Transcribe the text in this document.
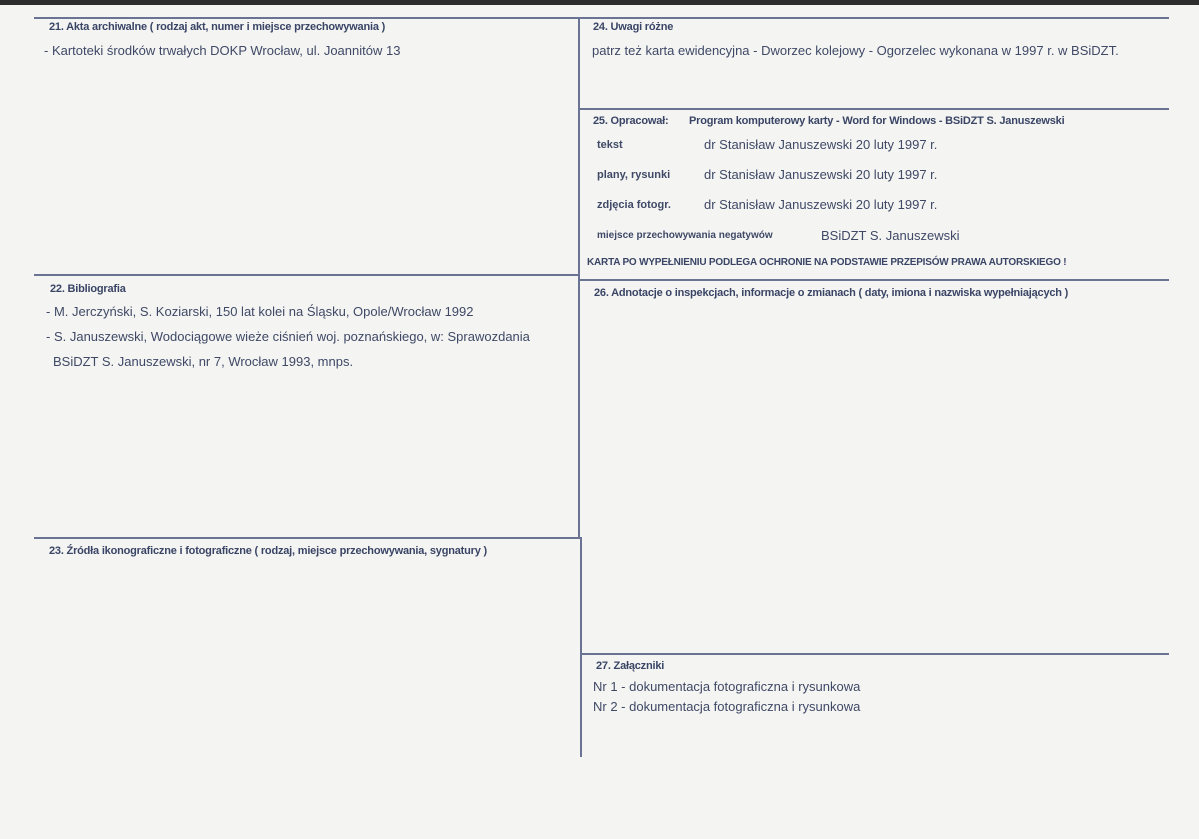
21. Akta archiwalne ( rodzaj akt, numer i miejsce przechowywania )
- Kartoteki środków trwałych DOKP Wrocław, ul. Joannitów 13
22. Bibliografia
- M. Jerczyński, S. Koziarski, 150 lat kolei na Śląsku, Opole/Wrocław 1992
- S. Januszewski, Wodociągowe wieże ciśnień woj. poznańskiego, w: Sprawozdania
BSiDZT S. Januszewski, nr 7, Wrocław 1993, mnps.
23. Źródła ikonograficzne i fotograficzne ( rodzaj, miejsce przechowywania, sygnatury )
24. Uwagi różne
patrz też karta ewidencyjna - Dworzec kolejowy - Ogorzelec wykonana w 1997 r. w BSiDZT.
25. Opracował: Program komputerowy karty - Word for Windows - BSiDZT S. Januszewski
tekst	dr Stanisław Januszewski 20 luty 1997 r.
plany, rysunki	dr Stanisław Januszewski 20 luty 1997 r.
zdjęcia fotogr.	dr Stanisław Januszewski 20 luty 1997 r.
miejsce przechowywania negatywów	BSiDZT S. Januszewski
KARTA PO WYPEŁNIENIU PODLEGA OCHRONIE NA PODSTAWIE PRZEPISÓW PRAWA AUTORSKIEGO !
26. Adnotacje o inspekcjach, informacje o zmianach ( daty, imiona i nazwiska wypełniających )
27. Załączniki
Nr 1 - dokumentacja fotograficzna i rysunkowa
Nr 2 - dokumentacja fotograficzna i rysunkowa
